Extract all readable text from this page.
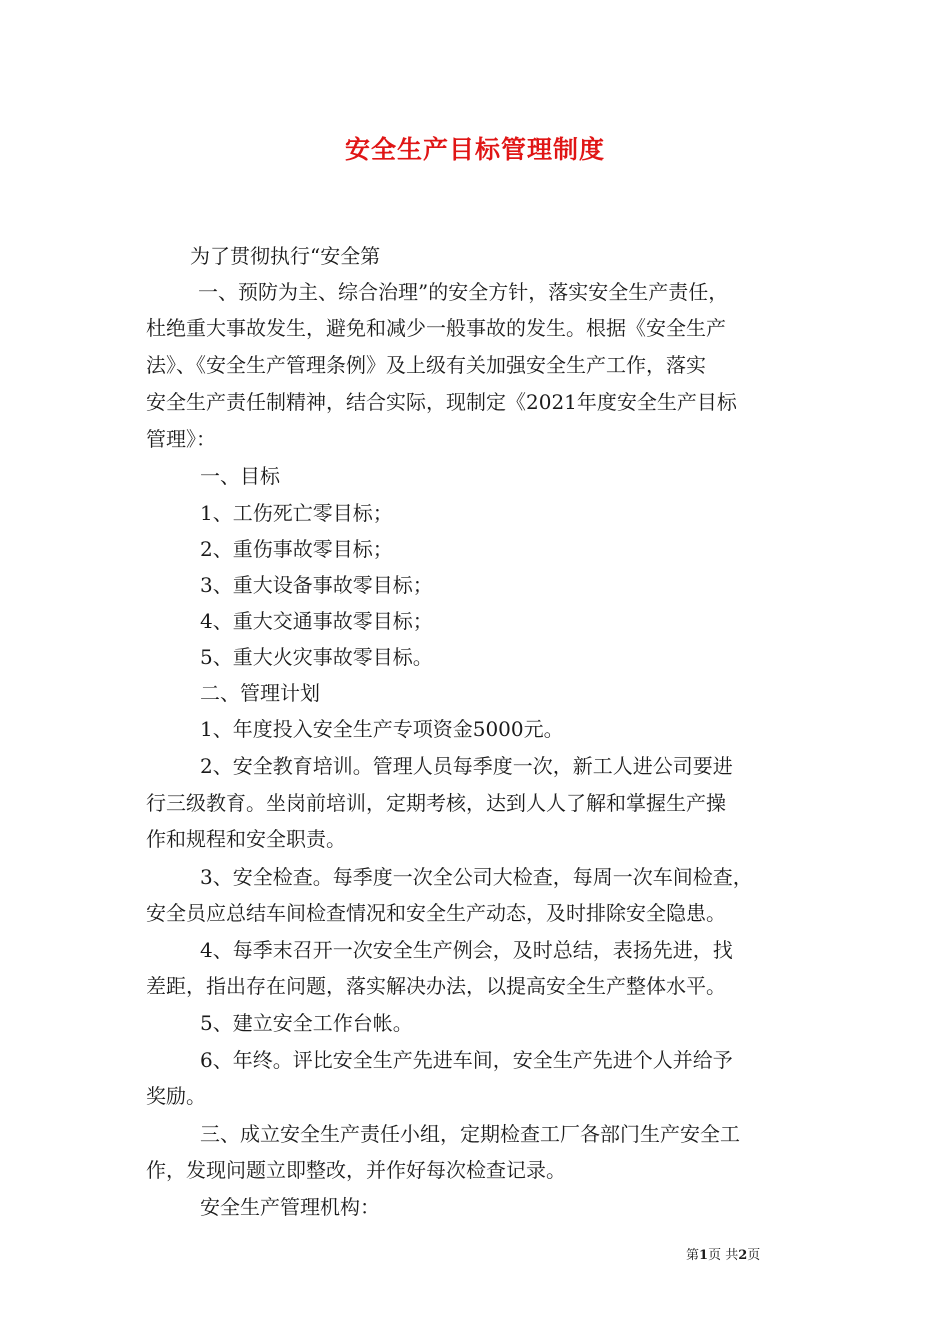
安全生产目标管理制度
为了贯彻执行“安全第
一、预防为主、综合治理”的安全方针，落实安全生产责任，
杜绝重大事故发生，避免和减少一般事故的发生。根据《安全生产
法》、《安全生产管理条例》及上级有关加强安全生产工作，落实
安全生产责任制精神，结合实际，现制定《2021年度安全生产目标
管理》：
一、目标
1、工伤死亡零目标；
2、重伤事故零目标；
3、重大设备事故零目标；
4、重大交通事故零目标；
5、重大火灾事故零目标。
二、管理计划
1、年度投入安全生产专项资金5000元。
2、安全教育培训。管理人员每季度一次，新工人进公司要进
行三级教育。坐岗前培训，定期考核，达到人人了解和掌握生产操
作和规程和安全职责。
3、安全检查。每季度一次全公司大检查，每周一次车间检查，
安全员应总结车间检查情况和安全生产动态，及时排除安全隐患。
4、每季末召开一次安全生产例会，及时总结，表扬先进，找
差距，指出存在问题，落实解决办法，以提高安全生产整体水平。
5、建立安全工作台帐。
6、年终。评比安全生产先进车间，安全生产先进个人并给予
奖励。
三、成立安全生产责任小组，定期检查工厂各部门生产安全工
作，发现问题立即整改，并作好每次检查记录。
安全生产管理机构：
第1页 共2页
